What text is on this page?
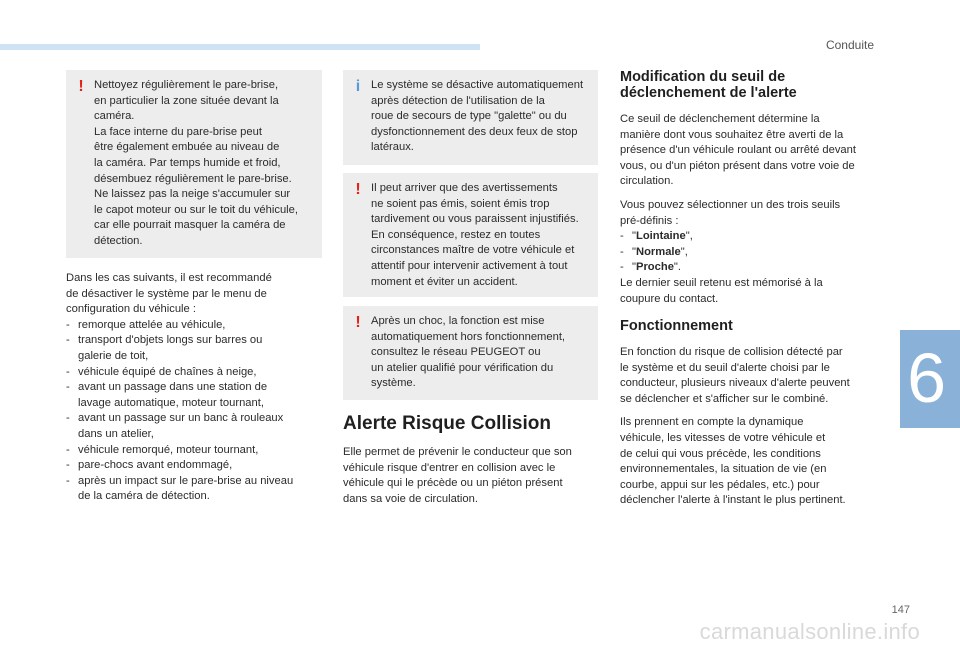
Conduite
6
! Nettoyez régulièrement le pare-brise,
en particulier la zone située devant la
caméra.
La face interne du pare-brise peut
être également embuée au niveau de
la caméra. Par temps humide et froid,
désembuez régulièrement le pare-brise.
Ne laissez pas la neige s'accumuler sur
le capot moteur ou sur le toit du véhicule,
car elle pourrait masquer la caméra de
détection.

Dans les cas suivants, il est recommandé
de désactiver le système par le menu de
configuration du véhicule :

- remorque attelée au véhicule,
- transport d'objets longs sur barres ou
galerie de toit,
- véhicule équipé de chaînes à neige,
- avant un passage dans une station de
lavage automatique, moteur tournant,
- avant un passage sur un banc à rouleaux
dans un atelier,
- véhicule remorqué, moteur tournant,
- pare-chocs avant endommagé,
- après un impact sur le pare-brise au niveau
de la caméra de détection.
i Le système se désactive automatiquement
après détection de l'utilisation de la
roue de secours de type "galette" ou du
dysfonctionnement des deux feux de stop
latéraux.

! Il peut arriver que des avertissements
ne soient pas émis, soient émis trop
tardivement ou vous paraissent injustifiés.
En conséquence, restez en toutes
circonstances maître de votre véhicule et
attentif pour intervenir activement à tout
moment et éviter un accident.

! Après un choc, la fonction est mise
automatiquement hors fonctionnement,
consultez le réseau PEUGEOT ou
un atelier qualifié pour vérification du
système.

Alerte Risque Collision

Elle permet de prévenir le conducteur que son
véhicule risque d'entrer en collision avec le
véhicule qui le précède ou un piéton présent
dans sa voie de circulation.

Modification du seuil de
déclenchement de l'alerte

Ce seuil de déclenchement détermine la
manière dont vous souhaitez être averti de la
présence d'un véhicule roulant ou arrêté devant
vous, ou d'un piéton présent dans votre voie de
circulation.

Vous pouvez sélectionner un des trois seuils
pré-définis :

- " Lointaine ",
- " Normale ",
- " Proche ".

Le dernier seuil retenu est mémorisé à la
coupure du contact.

Fonctionnement

En fonction du risque de collision détecté par
le système et du seuil d'alerte choisi par le
conducteur, plusieurs niveaux d'alerte peuvent
se déclencher et s'afficher sur le combiné.

Ils prennent en compte la dynamique
véhicule, les vitesses de votre véhicule et
de celui qui vous précède, les conditions
environnementales, la situation de vie (en
courbe, appui sur les pédales, etc.) pour
déclencher l'alerte à l'instant le plus pertinent.

147
carmanualsonline.info
